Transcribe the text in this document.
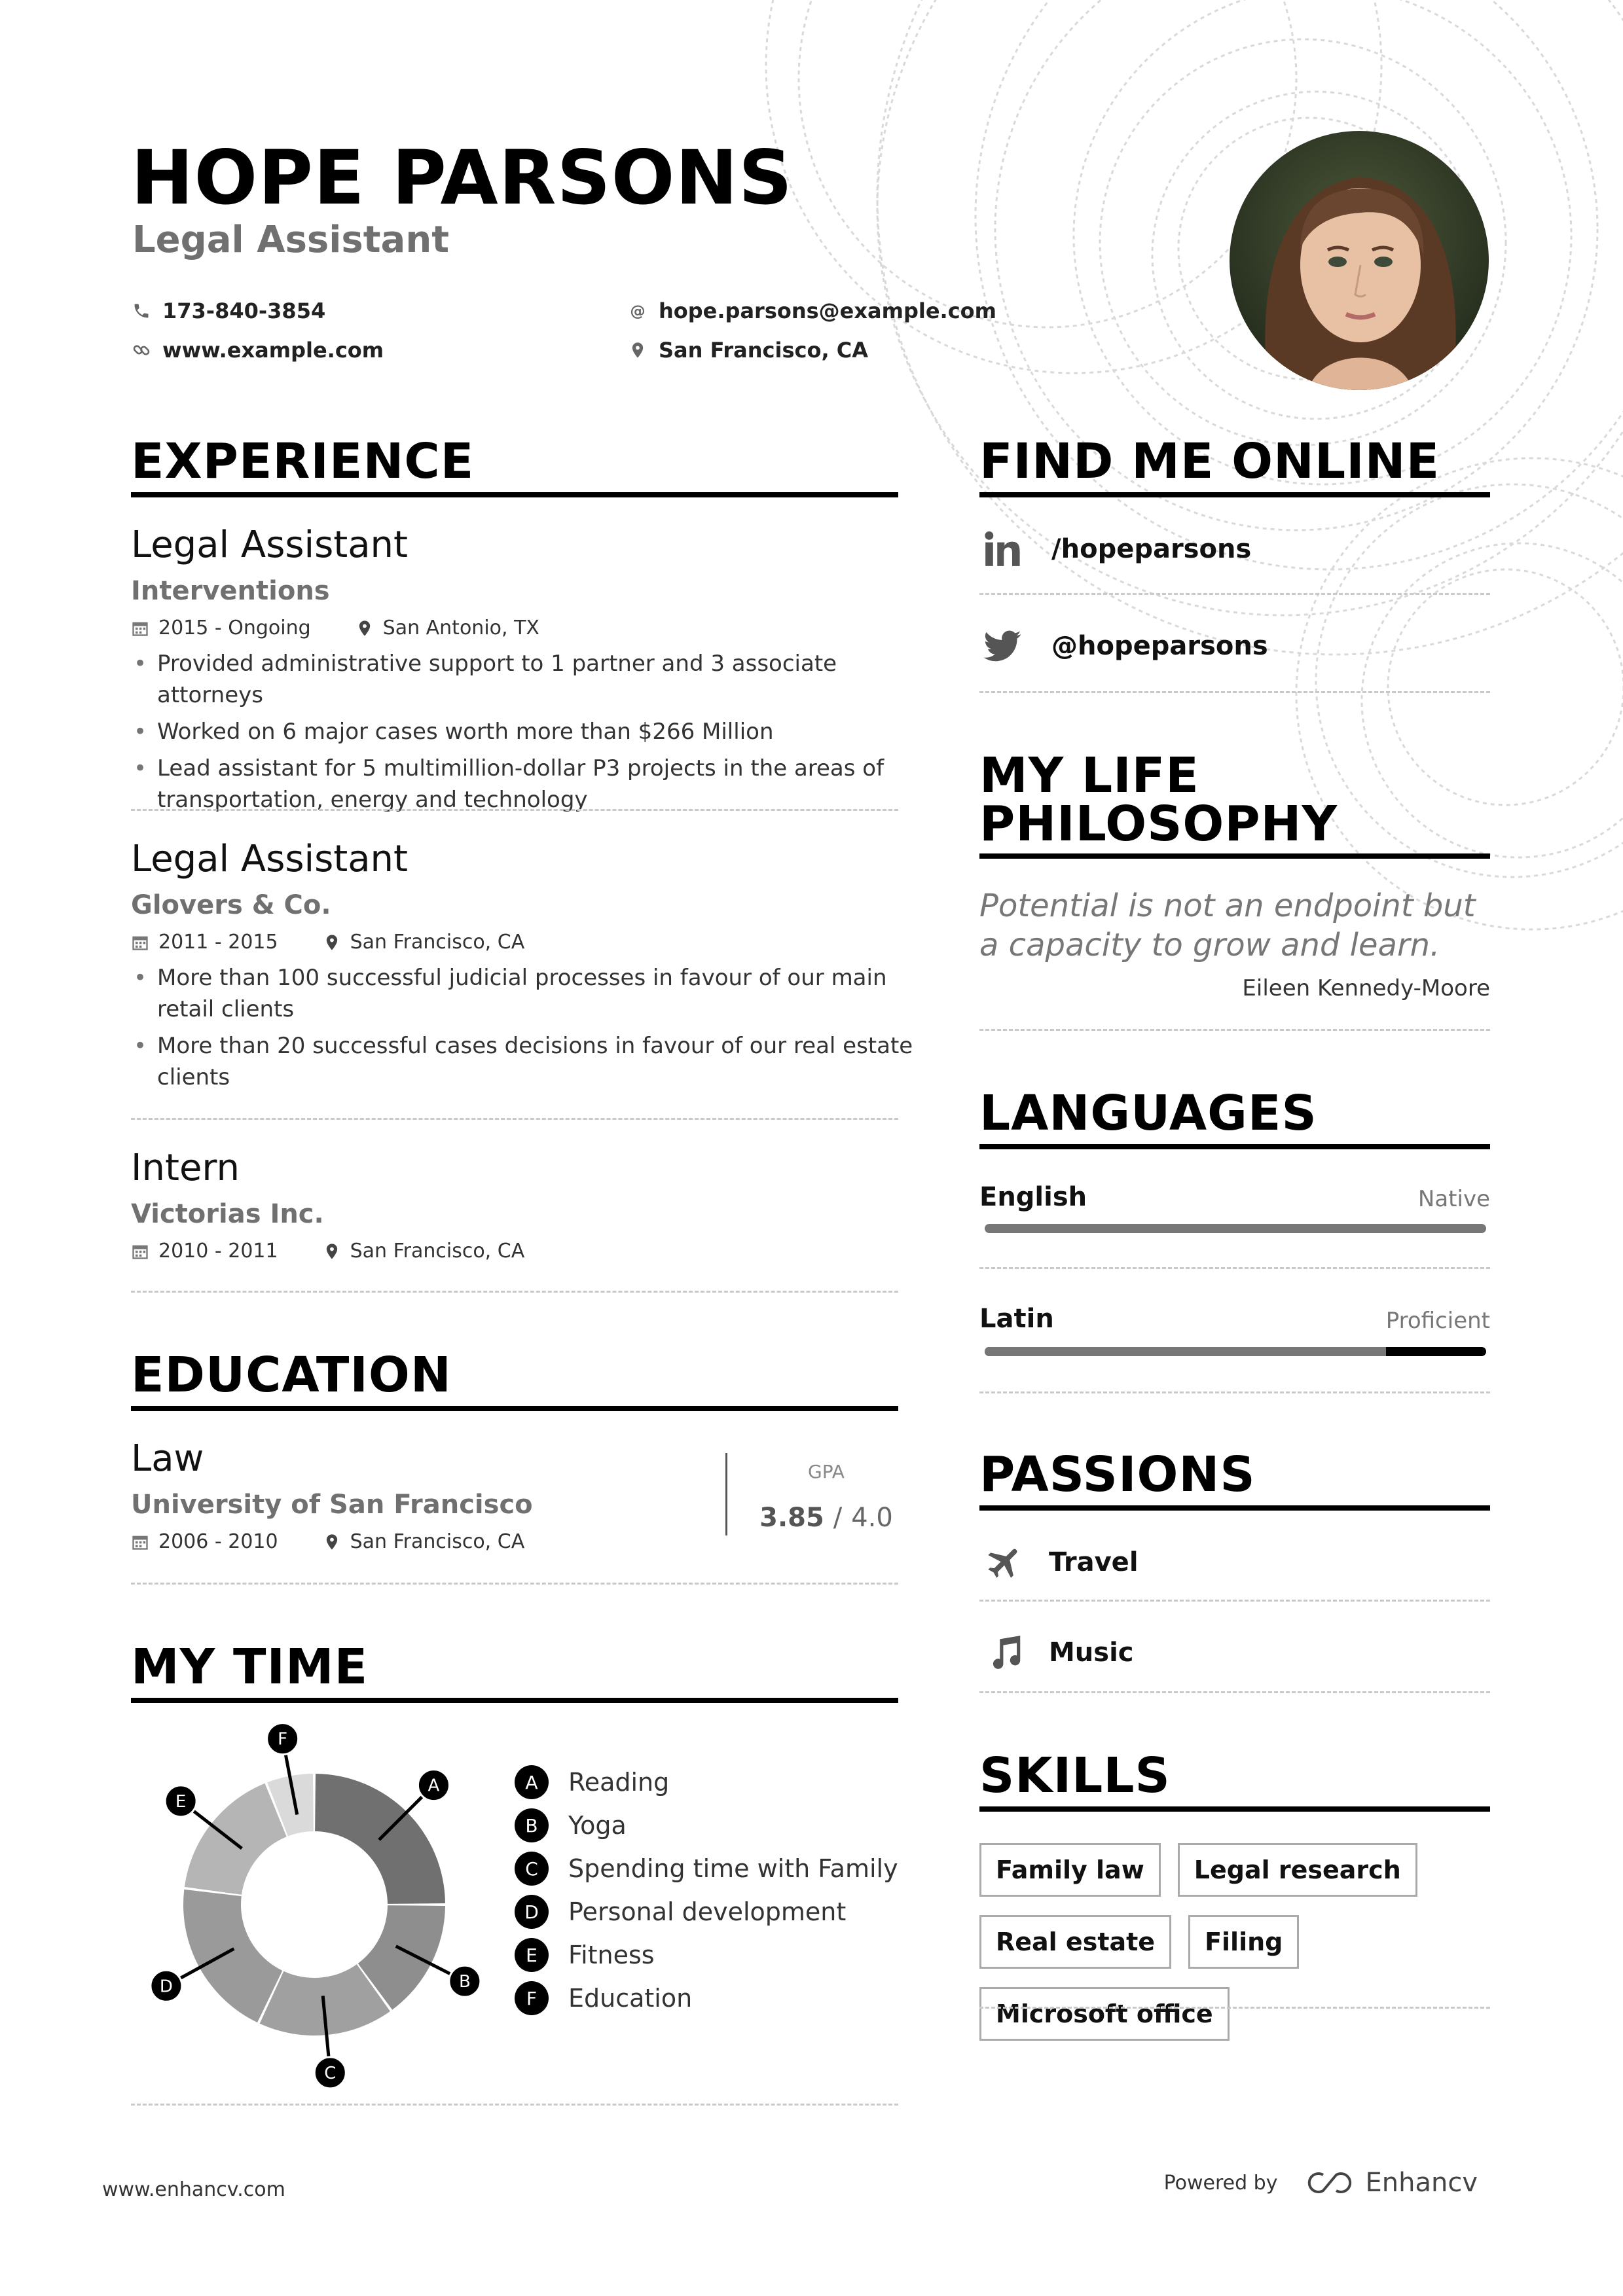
HOPE PARSONS
Legal Assistant
173-840-3854	@ hope.parsons@example.com
www.example.com	San Francisco, CA
EXPERIENCE
Legal Assistant
Interventions
2015 - Ongoing	San Antonio, TX
• Provided administrative support to 1 partner and 3 associate attorneys
• Worked on 6 major cases worth more than $266 Million
• Lead assistant for 5 multimillion-dollar P3 projects in the areas of transportation, energy and technology
Legal Assistant
Glovers & Co.
2011 - 2015	San Francisco, CA
• More than 100 successful judicial processes in favour of our main retail clients
• More than 20 successful cases decisions in favour of our real estate clients
Intern
Victorias Inc.
2010 - 2011	San Francisco, CA
EDUCATION
Law
University of San Francisco
2006 - 2010	San Francisco, CA
GPA
3.85 / 4.0
MY TIME
A
B
C
D
E
F
A	Reading
B	Yoga
C	Spending time with Family
D	Personal development
E	Fitness
F	Education
FIND ME ONLINE
/hopeparsons
@hopeparsons
MY LIFE
PHILOSOPHY
Potential is not an endpoint but
a capacity to grow and learn.
Eileen Kennedy-Moore
LANGUAGES
English	Native
Latin	Proficient
PASSIONS
Travel
Music
SKILLS
Family law	Legal research
Real estate	Filing
Microsoft office
www.enhancv.com	Powered by	Enhancv
